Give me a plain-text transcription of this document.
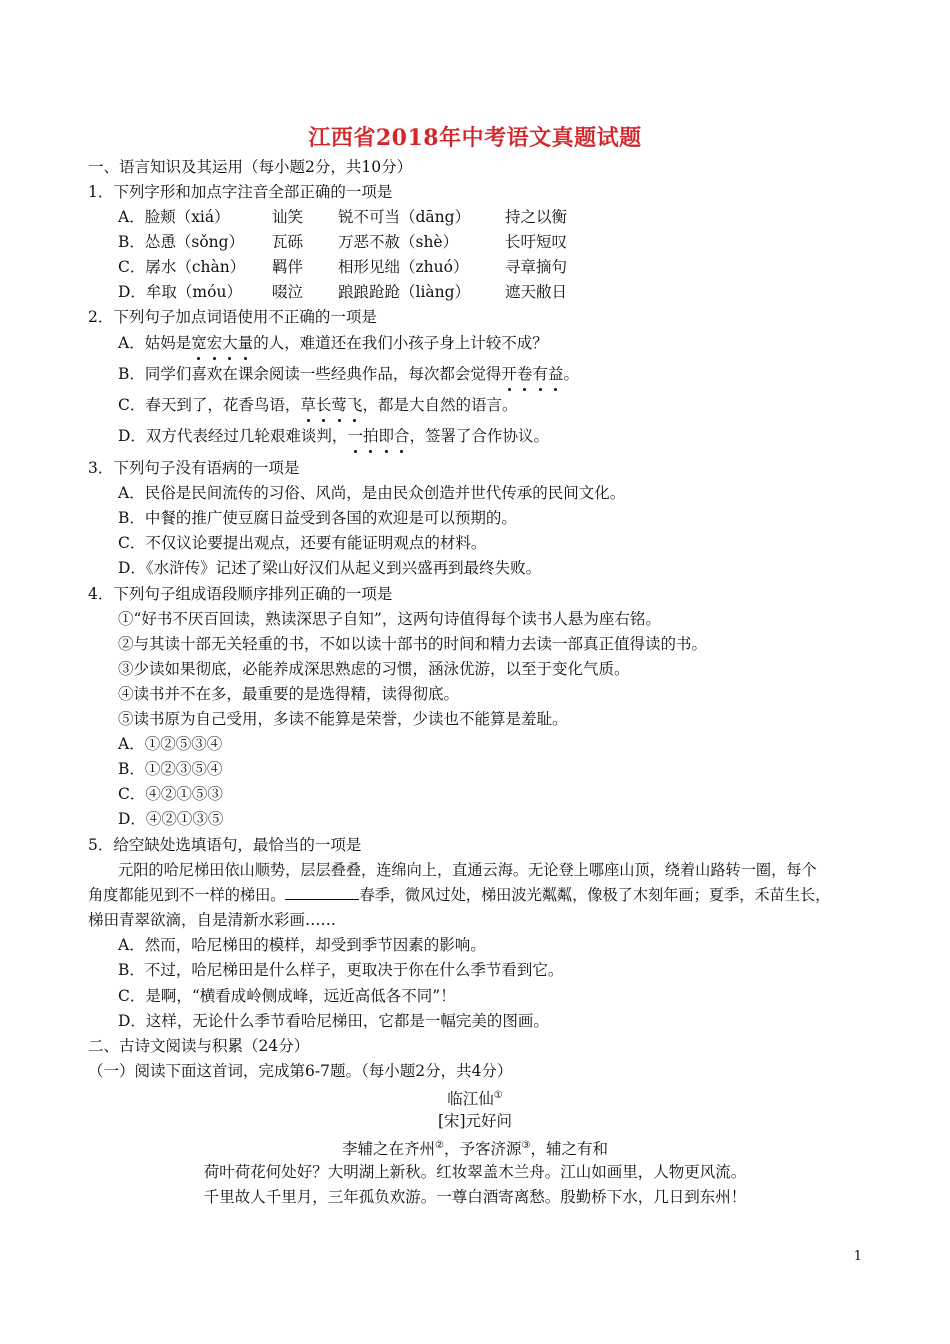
江西省2018年中考语文真题试题
一、语言知识及其运用（每小题2分，共10分）
1．下列字形和加点字注音全部正确的一项是
A．脸颊（xiá）	讪笑 锐不可当（dāng） 持之以衡
B．怂恿（sǒng） 瓦砾 万恶不赦（shè）	长吁短叹
C．孱水（chàn） 羁伴 相形见绌（zhuó） 寻章摘句
D．牟取（móu） 啜泣 踉踉跄跄（liàng） 遮天敝日
2．下列句子加点词语使用不正确的一项是
A．姑妈是宽宏大量的人，难道还在我们小孩子身上计较不成？
B．同学们喜欢在课余阅读一些经典作品，每次都会觉得开卷有益。
C．春天到了，花香鸟语，草长莺飞，都是大自然的语言。
D．双方代表经过几轮艰难谈判，一拍即合，签署了合作协议。
3．下列句子没有语病的一项是
A．民俗是民间流传的习俗、风尚，是由民众创造并世代传承的民间文化。
B．中餐的推广使豆腐日益受到各国的欢迎是可以预期的。
C．不仅议论要提出观点，还要有能证明观点的材料。
D．《水浒传》记述了梁山好汉们从起义到兴盛再到最终失败。
4．下列句子组成语段顺序排列正确的一项是
①“好书不厌百回读，熟读深思子自知”，这两句诗值得每个读书人悬为座右铭。
②与其读十部无关轻重的书，不如以读十部书的时间和精力去读一部真正值得读的书。
③少读如果彻底，必能养成深思熟虑的习惯，涵泳优游，以至于变化气质。
④读书并不在多，最重要的是选得精，读得彻底。
⑤读书原为自己受用，多读不能算是荣誉，少读也不能算是羞耻。
A．①②⑤③④
B．①②③⑤④
C．④②①⑤③
D．④②①③⑤
5．给空缺处选填语句，最恰当的一项是
元阳的哈尼梯田依山顺势，层层叠叠，连绵向上，直通云海。无论登上哪座山顶，绕着山路转一圈，每个
角度都能见到不一样的梯田。	春季，微风过处，梯田波光粼粼，像极了木刻年画；夏季，禾苗生长，
梯田青翠欲滴，自是清新水彩画……
A．然而，哈尼梯田的模样，却受到季节因素的影响。
B．不过，哈尼梯田是什么样子，更取决于你在什么季节看到它。
C．是啊，“横看成岭侧成峰，远近高低各不同”！
D．这样，无论什么季节看哈尼梯田，它都是一幅完美的图画。
二、古诗文阅读与积累（24分）
（一）阅读下面这首词，完成第6-7题。（每小题2分，共4分）
临江仙①
[宋]元好问
李辅之在齐州②，予客济源③，辅之有和
荷叶荷花何处好？大明湖上新秋。红妆翠盖木兰舟。江山如画里，人物更风流。
千里故人千里月，三年孤负欢游。一尊白酒寄离愁。殷勤桥下水，几日到东州！
1
